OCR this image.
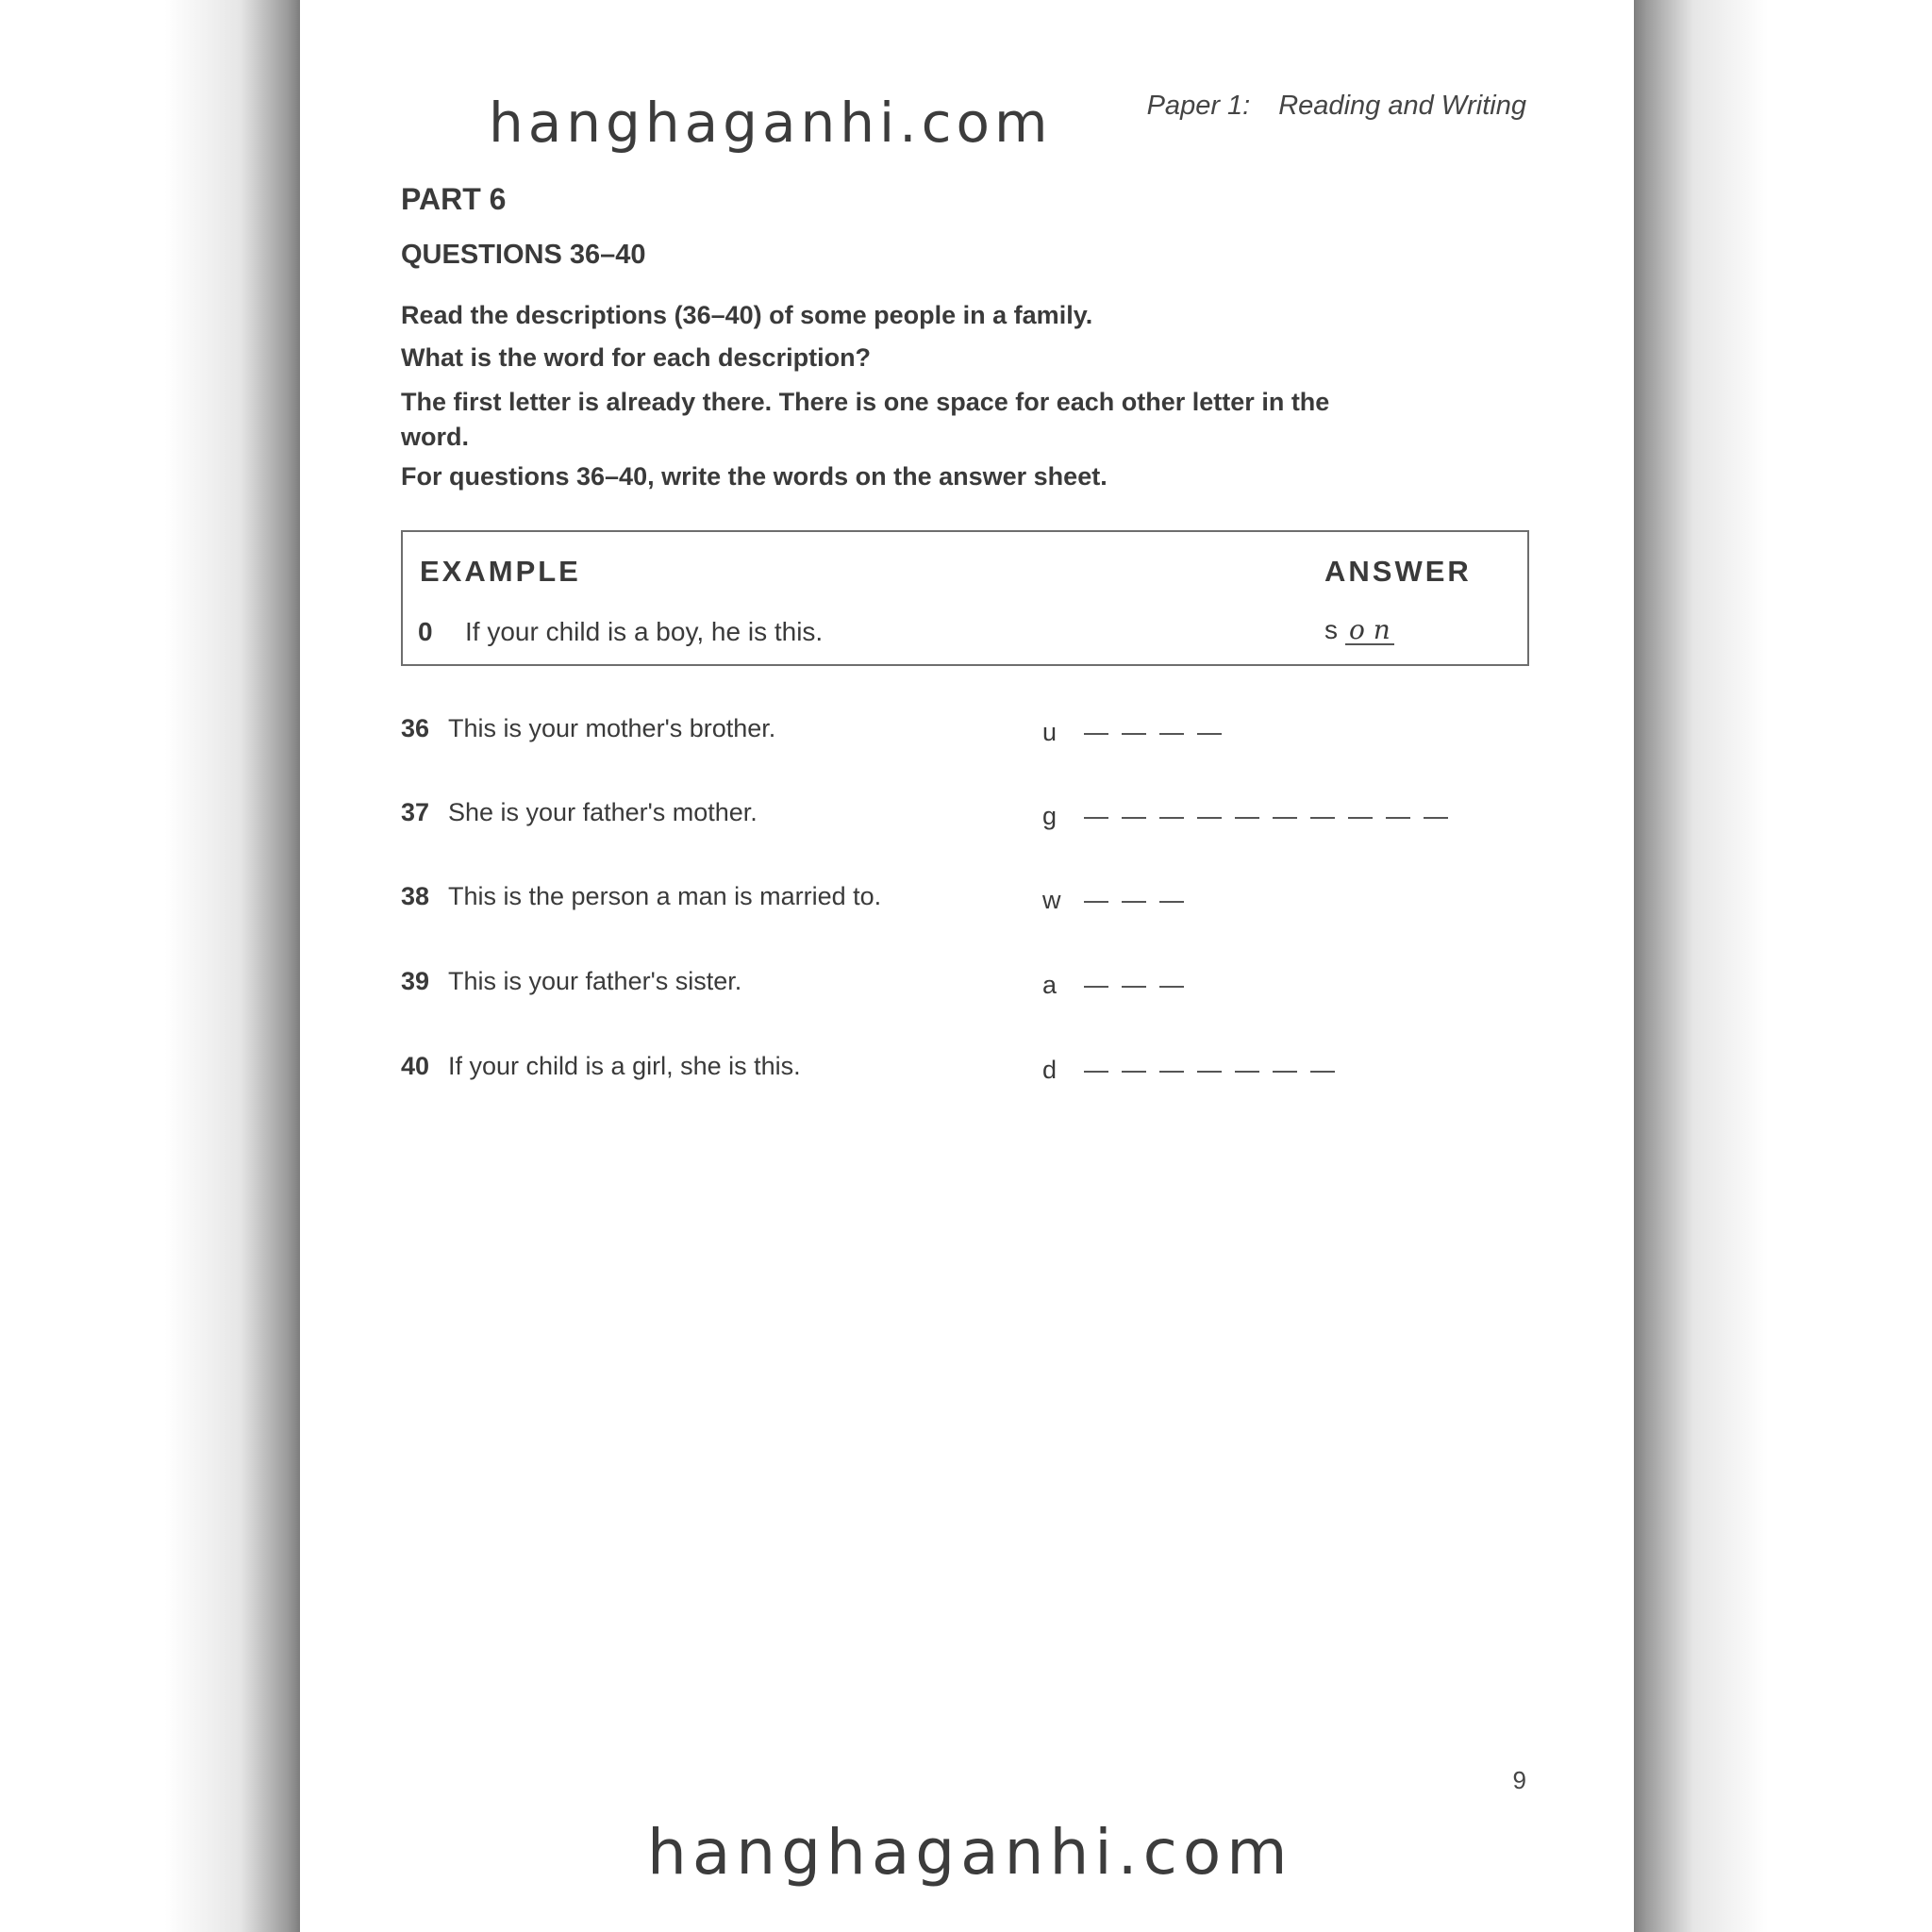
Paper 1: Reading and Writing
hanghaganhi.com
PART 6
QUESTIONS 36–40
Read the descriptions (36–40) of some people in a family.
What is the word for each description?
The first letter is already there. There is one space for each other letter in the word.
For questions 36–40, write the words on the answer sheet.
EXAMPLE	ANSWER
0 If your child is a boy, he is this.	s o n
36 This is your mother's brother.	u
37 She is your father's mother.	g
38 This is the person a man is married to.	w
39 This is your father's sister.	a
40 If your child is a girl, she is this.	d
9
hanghaganhi.com
